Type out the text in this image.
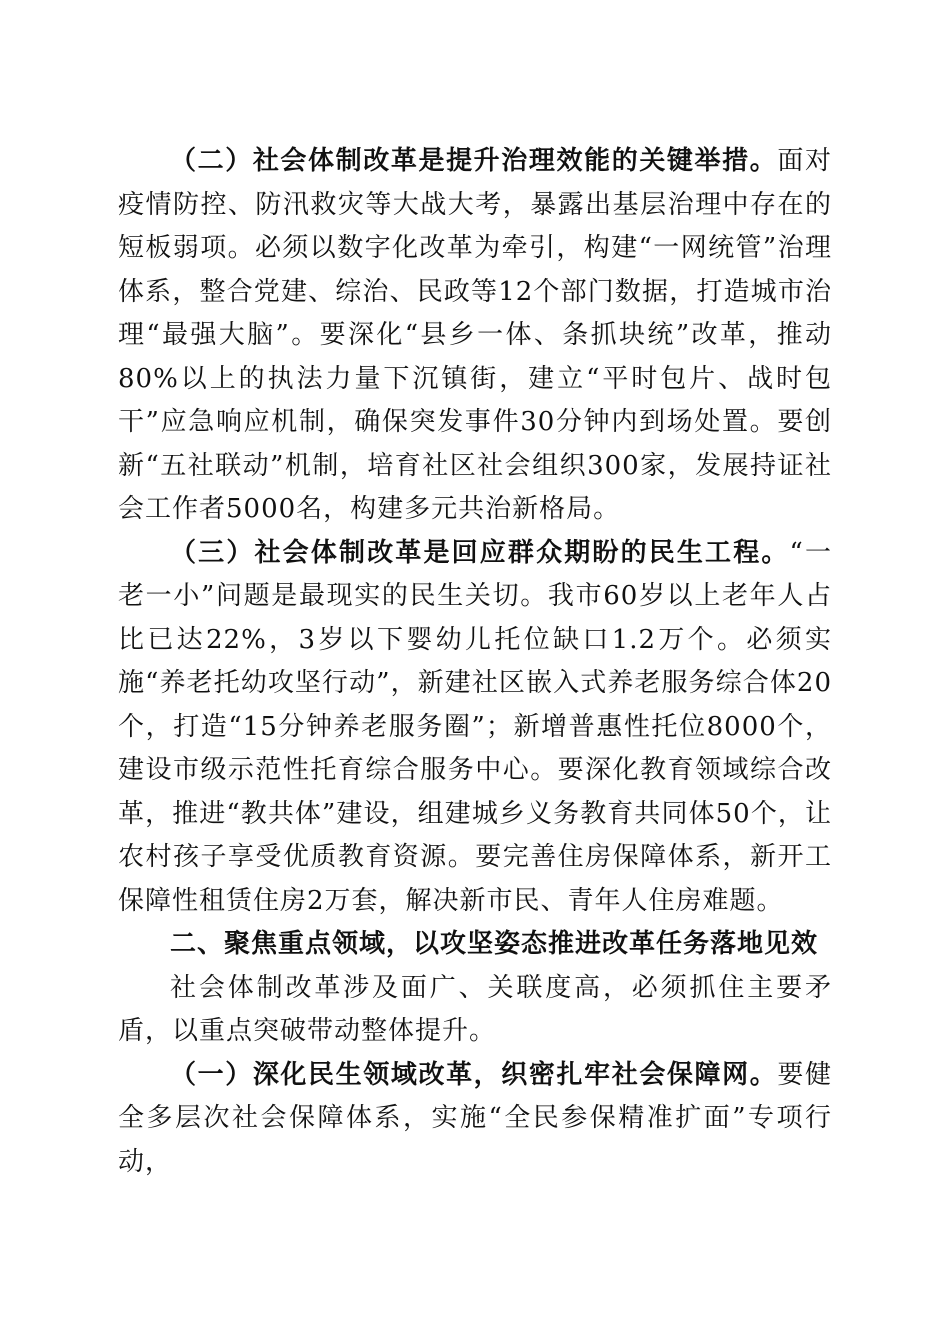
（二）社会体制改革是提升治理效能的关键举措。面对疫情防控、防汛救灾等大战大考，暴露出基层治理中存在的短板弱项。必须以数字化改革为牵引，构建“一网统管”治理体系，整合党建、综治、民政等12个部门数据，打造城市治理“最强大脑”。要深化“县乡一体、条抓块统”改革，推动80%以上的执法力量下沉镇街，建立“平时包片、战时包干”应急响应机制，确保突发事件30分钟内到场处置。要创新“五社联动”机制，培育社区社会组织300家，发展持证社会工作者5000名，构建多元共治新格局。

（三）社会体制改革是回应群众期盼的民生工程。“一老一小”问题是最现实的民生关切。我市60岁以上老年人占比已达22%，3岁以下婴幼儿托位缺口1.2万个。必须实施“养老托幼攻坚行动”，新建社区嵌入式养老服务综合体20个，打造“15分钟养老服务圈”；新增普惠性托位8000个，建设市级示范性托育综合服务中心。要深化教育领域综合改革，推进“教共体”建设，组建城乡义务教育共同体50个，让农村孩子享受优质教育资源。要完善住房保障体系，新开工保障性租赁住房2万套，解决新市民、青年人住房难题。

二、聚焦重点领域，以攻坚姿态推进改革任务落地见效

社会体制改革涉及面广、关联度高，必须抓住主要矛盾，以重点突破带动整体提升。

（一）深化民生领域改革，织密扎牢社会保障网。要健全多层次社会保障体系，实施“全民参保精准扩面”专项行动，
